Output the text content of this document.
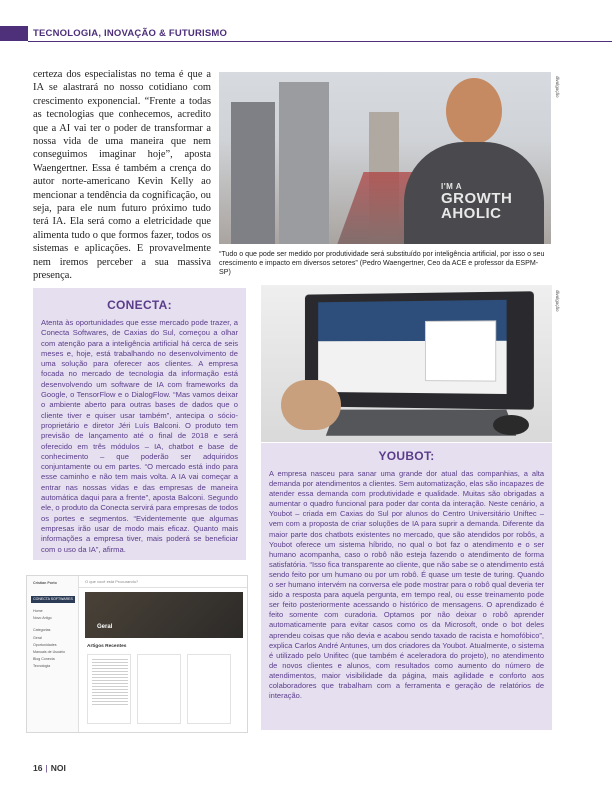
TECNOLOGIA, INOVAÇÃO & FUTURISMO

certeza dos especialistas no tema é que a IA se alastrará no nosso cotidiano com crescimento exponencial. “Frente a todas as tecnologias que conhecemos, acredito que a AI vai ter o poder de transformar a nossa vida de uma maneira que nem conseguimos imaginar hoje”, aposta Waengertner. Essa é também a crença do autor norte-americano Kevin Kelly ao mencionar a tendência da cognificação, ou seja, para ele num futuro próximo tudo terá IA. Ela será como a eletricidade que alimenta tudo o que formos fazer, todos os sistemas e aplicações. E provavelmente nem iremos perceber a sua massiva presença.

I'M A
GROWTH
AHOLIC
divulgação
“Tudo o que pode ser medido por produtividade será substituído por inteligência artificial, por isso o seu crescimento e impacto em diversos setores” (Pedro Waengertner, Ceo da ACE e professor da ESPM-SP)
CONECTA:
Atenta às oportunidades que esse mercado pode trazer, a Conecta Softwares, de Caxias do Sul, começou a olhar com atenção para a inteligência artificial há cerca de seis meses e, hoje, está trabalhando no desenvolvimento de uma solução para oferecer aos clientes. A empresa focada no mercado de tecnologia da informação está desenvolvendo um software de IA com frameworks da Google, o TensorFlow e o DialogFlow. “Mas vamos deixar o ambiente aberto para outras bases de dados que o cliente tiver e quiser usar também”, antecipa o sócio-proprietário e diretor Jéri Luís Balconi. O produto tem previsão de lançamento até o final de 2018 e será oferecido em três módulos – IA, chatbot e base de conhecimento – que poderão ser adquiridos conjuntamente ou em partes. “O mercado está indo para esse caminho e não tem mais volta. A IA vai começar a entrar nas nossas vidas e das empresas de maneira automática daqui para a frente”, aposta Balconi. Segundo ele, o produto da Conecta servirá para empresas de todos os portes e segmentos. “Evidentemente que algumas empresas irão usar de modo mais eficaz. Quanto mais informações a empresa tiver, mais poderá se beneficiar com o uso da IA”, afirma.
divulgação
YOUBOT:
A empresa nasceu para sanar uma grande dor atual das companhias, a alta demanda por atendimentos a clientes. Sem automatização, elas são incapazes de atender essa demanda com produtividade e qualidade. Muitas são obrigadas a aumentar o quadro funcional para poder dar conta da interação. Neste cenário, a Youbot – criada em Caxias do Sul por alunos do Centro Universitário Uniftec – vem com a proposta de criar soluções de IA para suprir a demanda. Diferente da maior parte dos chatbots existentes no mercado, que são atendidos por robôs, a Youbot oferece um sistema híbrido, no qual o bot faz o atendimento e o ser humano acompanha, caso o robô não esteja fazendo o atendimento de forma satisfatória. “Isso fica transparente ao cliente, que não sabe se o atendimento está sendo feito por um humano ou por um robô. É quase um teste de turing. Quando o ser humano intervém na conversa ele pode mostrar para o robô qual deveria ter sido a resposta para aquela pergunta, em tempo real, ou esse treinamento pode ser feito posteriormente acessando o histórico de mensagens. O aprendizado é feito somente com curadoria. Optamos por não deixar o robô aprender automaticamente para evitar casos como os da Microsoft, onde o bot deles aprendeu coisas que não devia e acabou sendo taxado de racista e homofóbico”, explica Carlos André Antunes, um dos criadores da Youbot. Atualmente, o sistema é utilizado pelo Unifitec (que também é aceleradora do projeto), no atendimento de novos clientes e alunos, com resultados como aumento do número de atendimentos, maior visibilidade da página, mais agilidade e conforto aos colaboradores que trabalham com a ferramenta e geração de relatórios de interação.
Cristian Porto
CONECTA SOFTWARES
Home
Novo Artigo
Categorias
Geral
Oportunidades
Manuais de Usuário
Blog Conecta
Tecnologia
O que você está Procurando?
Geral
Artigos Recentes
16 | NOI
